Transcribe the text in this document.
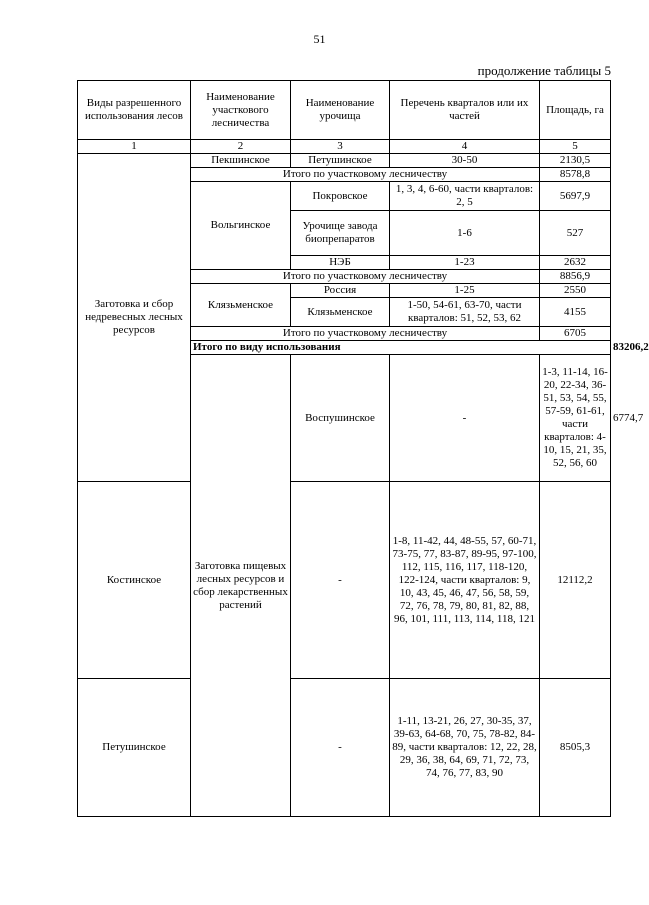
51
продолжение таблицы 5
Виды разрешенного использования лесов	Наименование участкового лесничества	Наименование урочища	Перечень кварталов или их частей	Площадь, га	
1	2	3	4	5	
Заготовка и сбор недревесных лесных ресурсов	Пекшинское	Петушинское	30-50	2130,5	
	Итого по участковому лесничеству			8578,8	
	Вольгинское	Покровское	1, 3, 4, 6-60, части кварталов: 2, 5	5697,9	
		Урочище завода биопрепаратов	1-6	527	
		НЭБ	1-23	2632	
	Итого по участковому лесничеству			8856,9	
	Клязьменское	Россия	1-25	2550	
		Клязьменское	1-50, 54-61, 63-70, части кварталов: 51, 52, 53, 62	4155	
	Итого по участковому лесничеству			6705	
	Итого по виду использования				83206,2
	Заготовка пищевых лесных ресурсов и сбор лекарственных растений	Воспушинское	-	1-3, 11-14, 16-20, 22-34, 36-51, 53, 54, 55, 57-59, 61-61, части кварталов: 4-10, 15, 21, 35, 52, 56, 60	6774,7
Костинское		-	1-8, 11-42, 44, 48-55, 57, 60-71, 73-75, 77, 83-87, 89-95, 97-100, 112, 115, 116, 117, 118-120, 122-124, части кварталов: 9, 10, 43, 45, 46, 47, 56, 58, 59, 72, 76, 78, 79, 80, 81, 82, 88, 96, 101, 111, 113, 114, 118, 121	12112,2	
Петушинское		-	1-11, 13-21, 26, 27, 30-35, 37, 39-63, 64-68, 70, 75, 78-82, 84-89, части кварталов: 12, 22, 28, 29, 36, 38, 64, 69, 71, 72, 73, 74, 76, 77, 83, 90	8505,3	
